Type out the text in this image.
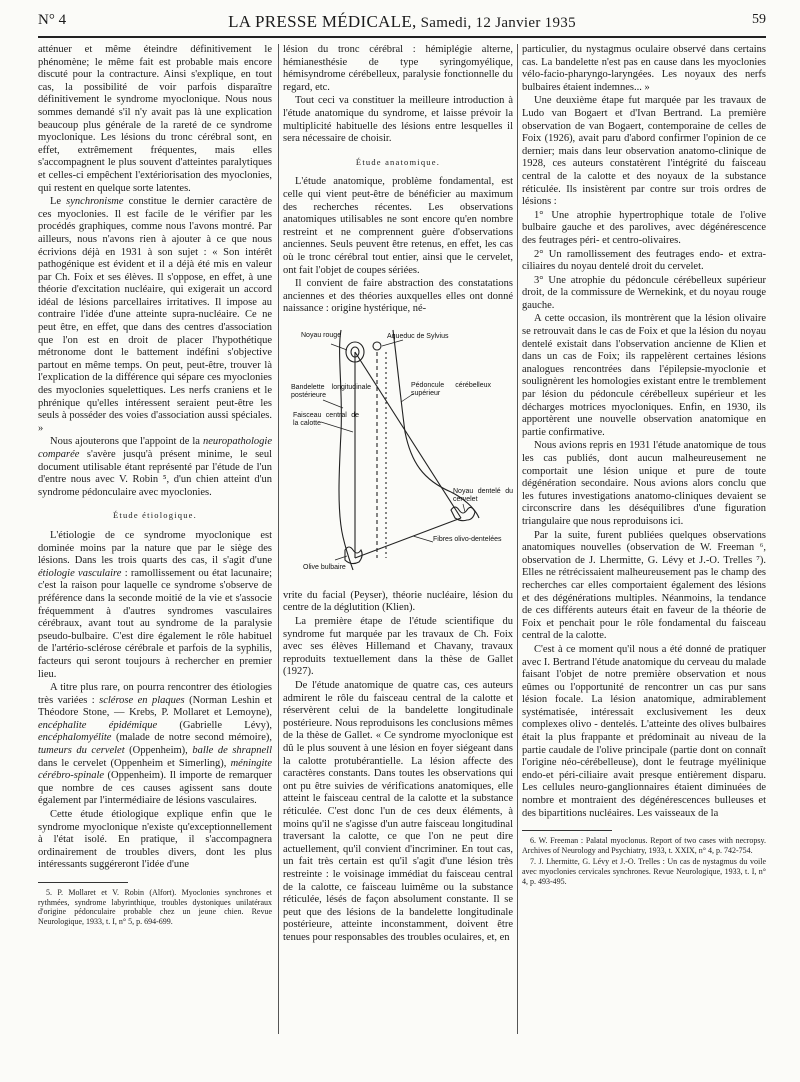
N° 4	LA PRESSE MÉDICALE, Samedi, 12 Janvier 1935	59

atténuer et même éteindre définitivement le phénomène; le même fait est probable mais encore discuté pour la contracture. Ainsi s'explique, en tout cas, la possibilité de voir parfois disparaître définitivement le syndrome myoclonique. Nous nous sommes demandé s'il n'y avait pas là une explication beaucoup plus générale de la rareté de ce syndrome myoclonique. Les lésions du tronc cérébral sont, en effet, extrêmement fréquentes, mais elles s'accompagnent le plus souvent d'atteintes paralytiques et celles-ci empêchent l'extériorisation des myoclonies, qui restent en quelque sorte latentes.

Le synchronisme constitue le dernier caractère de ces myoclonies. Il est facile de le vérifier par les procédés graphiques, comme nous l'avons montré. Par ailleurs, nous n'avons rien à ajouter à ce que nous écrivions déjà en 1931 à son sujet : « Son intérêt pathogénique est évident et il a déjà été mis en valeur par Ch. Foix et ses élèves. Il s'oppose, en effet, à une théorie d'excitation nucléaire, qui exigerait un accord idéal de lésions parcellaires irritatives. Il impose au contraire l'idée d'une atteinte supra-nucléaire. Ce ne peut être, en effet, que dans des centres d'association que l'on est en droit de placer l'hypothétique métronome dont le battement indéfini s'objective partout en même temps. On peut, peut-être, trouver là l'explication de la différence qui sépare ces myoclonies des myoclonies squelettiques. Les nerfs craniens et le phrénique qu'elles intéressent seraient peut-être les seuls à posséder des voies d'association aussi spéciales. »

Nous ajouterons que l'appoint de la neuropathologie comparée s'avère jusqu'à présent minime, le seul document utilisable étant représenté par l'étude de l'un d'entre nous avec V. Robin ⁵, d'un chien atteint d'un syndrome pédonculaire avec myoclonies.

Étude étiologique.

L'étiologie de ce syndrome myoclonique est dominée moins par la nature que par le siège des lésions. Dans les trois quarts des cas, il s'agit d'une étiologie vasculaire : ramollissement ou état lacunaire; c'est la raison pour laquelle ce syndrome s'observe de préférence dans la seconde moitié de la vie et s'associe fréquemment à d'autres syndromes vasculaires cérébraux, avant tout au syndrome de la paralysie pseudo-bulbaire. C'est dire également le rôle habituel de l'artério-sclérose cérébrale et parfois de la syphilis, facteurs qui seront toujours à rechercher en premier lieu.

A titre plus rare, on pourra rencontrer des étiologies très variées : sclérose en plaques (Norman Leshin et Théodore Stone, — Krebs, P. Mollaret et Lemoyne), encéphalite épidémique (Gabrielle Lévy), encéphalomyélite (malade de notre second mémoire), tumeurs du cervelet (Oppenheim), balle de shrapnell dans le cervelet (Oppenheim et Simerling), méningite cérébro-spinale (Oppenheim). Il importe de remarquer que nombre de ces causes agissent sans doute également par l'intermédiaire de lésions vasculaires.

Cette étude étiologique explique enfin que le syndrome myoclonique n'existe qu'exceptionnellement à l'état isolé. En pratique, il s'accompagnera ordinairement de troubles divers, dont les plus intéressants suggéreront l'idée d'une

5. P. Mollaret et V. Robin (Alfort). Myoclonies synchrones et rythmées, syndrome labyrinthique, troubles dystoniques unilatéraux d'origine pédonculaire probable chez un jeune chien. Revue Neurologique, 1933, t. I, n° 5, p. 694-699.

lésion du tronc cérébral : hémiplégie alterne, hémianesthésie de type syringomyélique, hémisyndrome cérébelleux, paralysie fonctionnelle du regard, etc.

Tout ceci va constituer la meilleure introduction à l'étude anatomique du syndrome, et laisse prévoir la multiplicité habituelle des lésions entre lesquelles il sera nécessaire de choisir.

Étude anatomique.

L'étude anatomique, problème fondamental, est celle qui vient peut-être de bénéficier au maximum des recherches récentes. Les observations anatomiques utilisables ne sont encore qu'en nombre restreint et ne comprennent guère d'observations anciennes. Seuls peuvent être retenus, en effet, les cas où le tronc cérébral tout entier, ainsi que le cervelet, ont fait l'objet de coupes sériées.

Il convient de faire abstraction des constatations anciennes et des théories auxquelles elles ont donné naissance : origine hystérique, né-

Noyau rouge	Aqueduc de Sylvius
Bandelette longitudinale postérieure
Pédoncule cérébelleux supérieur
Faisceau central de la calotte
Noyau dentelé du cervelet
Fibres olivo-dentelées
Olive bulbaire

vrite du facial (Peyser), théorie nucléaire, lésion du centre de la déglutition (Klien).

La première étape de l'étude scientifique du syndrome fut marquée par les travaux de Ch. Foix avec ses élèves Hillemand et Chavany, travaux reproduits textuellement dans la thèse de Gallet (1927).

De l'étude anatomique de quatre cas, ces auteurs admirent le rôle du faisceau central de la calotte et réservèrent celui de la bandelette longitudinale postérieure. Nous reproduisons les conclusions mêmes de la thèse de Gallet. « Ce syndrome myoclonique est dû le plus souvent à une lésion en foyer siégeant dans la calotte protubérantielle. La lésion affecte des caractères constants. Dans toutes les observations qui ont pu être suivies de vérifications anatomiques, elle atteint le faisceau central de la calotte et la substance réticulée. C'est donc l'un de ces deux éléments, à moins qu'il ne s'agisse d'un autre faisceau longitudinal traversant la calotte, ce que l'on ne peut dire actuellement, qu'il convient d'incriminer. En tout cas, un fait très certain est qu'il s'agit d'une lésion très restreinte : le voisinage immédiat du faisceau central de la calotte, ce faisceau luimême ou la substance réticulée, lésés de façon absolument constante. Il se peut que des lésions de la bandelette longitudinale postérieure, atteinte inconstamment, doivent être tenues pour responsables des troubles oculaires, et, en

particulier, du nystagmus oculaire observé dans certains cas. La bandelette n'est pas en cause dans les myoclonies vélo-facio-pharyngo-laryngées. Les noyaux des nerfs bulbaires étaient indemnes... »

Une deuxième étape fut marquée par les travaux de Ludo van Bogaert et d'Ivan Bertrand. La première observation de van Bogaert, contemporaine de celles de Foix (1926), avait paru d'abord confirmer l'opinion de ce dernier; mais dans leur observation anatomo-clinique de 1928, ces auteurs constatèrent l'intégrité du faisceau central de la calotte et des noyaux de la substance réticulée. Ils insistèrent par contre sur trois ordres de lésions :

1° Une atrophie hypertrophique totale de l'olive bulbaire gauche et des parolives, avec dégénérescence des feutrages péri- et centro-olivaires.

2° Un ramollissement des feutrages endo- et extra-ciliaires du noyau dentelé droit du cervelet.

3° Une atrophie du pédoncule cérébelleux supérieur droit, de la commissure de Wernekink, et du noyau rouge gauche.

A cette occasion, ils montrèrent que la lésion olivaire se retrouvait dans le cas de Foix et que la lésion du noyau dentelé existait dans l'observation ancienne de Klien et dans un cas de Foix; ils rappelèrent certaines lésions analogues rencontrées dans l'épilepsie-myoclonie et soulignèrent les homologies existant entre le tremblement par lésion du pédoncule cérébelleux supérieur et les décharges motrices myocloniques. Enfin, en 1930, ils apportèrent une nouvelle observation anatomique en partie confirmative.

Nous avions repris en 1931 l'étude anatomique de tous les cas publiés, dont aucun malheureusement ne comportait une lésion unique et pure de toute dégénération secondaire. Nous avions alors conclu que les futures investigations anatomo-cliniques devaient se circonscrire dans les déséquilibres d'une figuration triangulaire que nous reproduisons ici.

Par la suite, furent publiées quelques observations anatomiques nouvelles (observation de W. Freeman ⁶, observation de J. Lhermitte, G. Lévy et J.-O. Trelles ⁷). Elles ne rétrécissaient malheureusement pas le champ des recherches car elles comportaient également des lésions et des dégénérations multiples. Néanmoins, la tendance de ces différents auteurs était en faveur de la théorie de Foix et penchait pour le rôle fondamental du faisceau central de la calotte.

C'est à ce moment qu'il nous a été donné de pratiquer avec I. Bertrand l'étude anatomique du cerveau du malade faisant l'objet de notre première observation et nous eûmes ou l'opportunité de rencontrer un cas pur sans lésion focale. La lésion anatomique, admirablement systématisée, intéressait exclusivement les deux complexes olivo - dentelés. L'atteinte des olives bulbaires était la plus frappante et prédominait au niveau de la partie caudale de l'olive principale (partie dont on connaît l'origine néo-cérébelleuse), dont le feutrage myélinique endo-et péri-ciliaire avait presque entièrement disparu. Les cellules neuro-ganglionnaires étaient diminuées de nombre et montraient des dégénérescences bulleuses et des bipartitions nucléaires. Les vaisseaux de la

6. W. Freeman : Palatal myoclonus. Report of two cases with necropsy. Archives of Neurology and Psychiatry, 1933, t. XXIX, n° 4, p. 742-754.

7. J. Lhermitte, G. Lévy et J.-O. Trelles : Un cas de nystagmus du voile avec myoclonies cervicales synchrones. Revue Neurologique, 1933, t. I, n° 4, p. 493-495.
